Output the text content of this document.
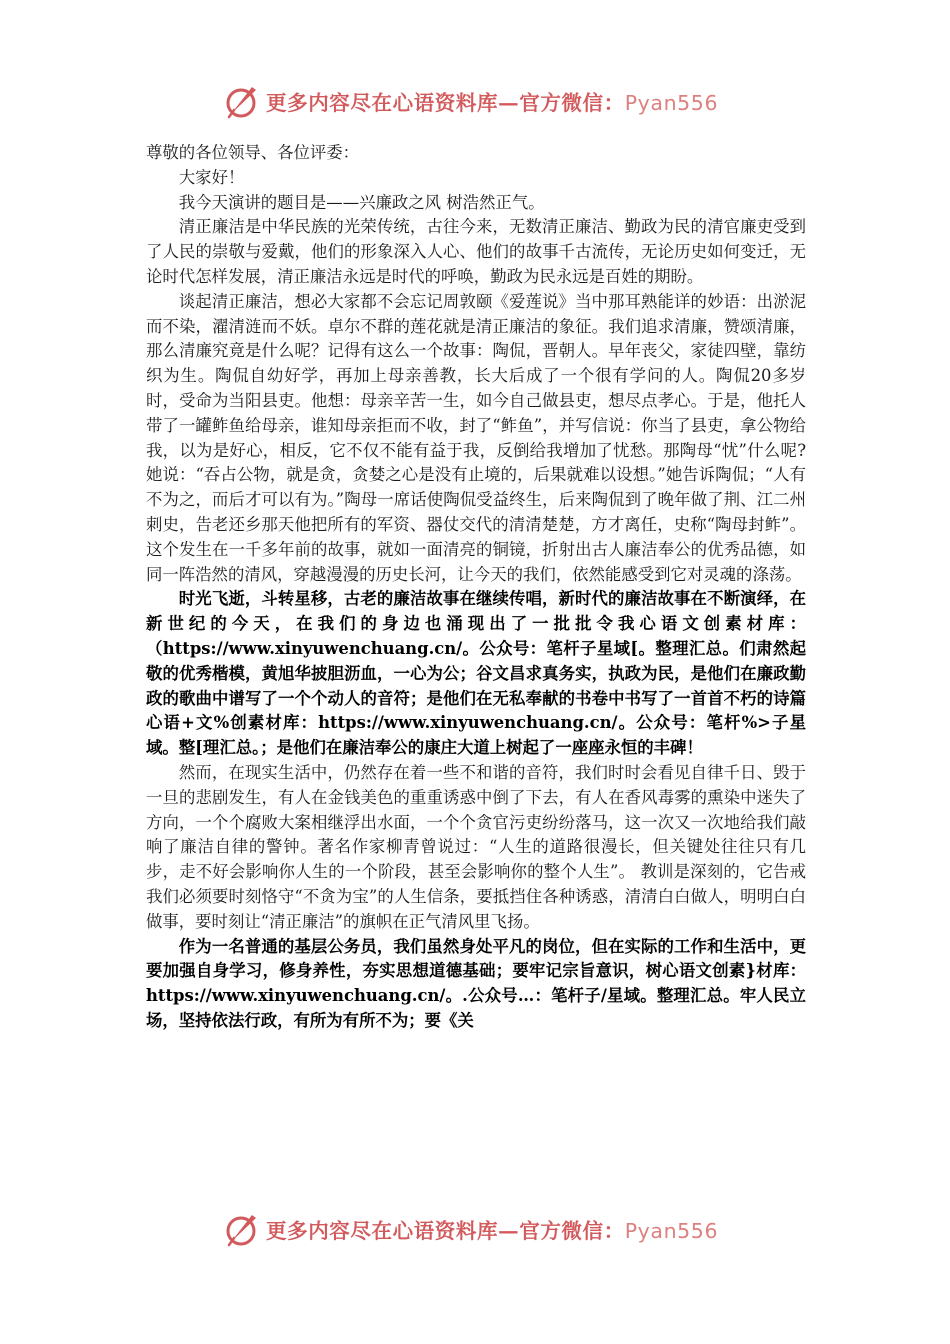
更多内容尽在心语资料库—官方微信：Pyan556

尊敬的各位领导、各位评委：

大家好！

我今天演讲的题目是——兴廉政之风 树浩然正气。

清正廉洁是中华民族的光荣传统，古往今来，无数清正廉洁、勤政为民的清官廉吏受到了人民的崇敬与爱戴，他们的形象深入人心、他们的故事千古流传，无论历史如何变迁，无论时代怎样发展，清正廉洁永远是时代的呼唤，勤政为民永远是百姓的期盼。

谈起清正廉洁，想必大家都不会忘记周敦颐《爱莲说》当中那耳熟能详的妙语：出淤泥而不染，濯清涟而不妖。卓尔不群的莲花就是清正廉洁的象征。我们追求清廉，赞颂清廉，那么清廉究竟是什么呢？记得有这么一个故事：陶侃，晋朝人。早年丧父，家徒四壁，靠纺织为生。陶侃自幼好学，再加上母亲善教，长大后成了一个很有学问的人。陶侃20多岁时，受命为当阳县吏。他想：母亲辛苦一生，如今自己做县吏，想尽点孝心。于是，他托人带了一罐鲊鱼给母亲，谁知母亲拒而不收，封了“鲊鱼”，并写信说：你当了县吏，拿公物给我，以为是好心，相反，它不仅不能有益于我，反倒给我增加了忧愁。那陶母“忧”什么呢?她说：“吞占公物，就是贪，贪婪之心是没有止境的，后果就难以设想。”她告诉陶侃；“人有不为之，而后才可以有为。”陶母一席话使陶侃受益终生，后来陶侃到了晚年做了荆、江二州刺史，告老还乡那天他把所有的军资、器仗交代的清清楚楚，方才离任，史称“陶母封鲊”。这个发生在一千多年前的故事，就如一面清亮的铜镜，折射出古人廉洁奉公的优秀品德，如同一阵浩然的清风，穿越漫漫的历史长河，让今天的我们，依然能感受到它对灵魂的涤荡。

时光飞逝，斗转星移，古老的廉洁故事在继续传唱，新时代的廉洁故事在不断演绎，在新世纪的今天，在我们的身边也涌现出了一批批令我心语文创素材库：（https://www.xinyuwenchuang.cn/。公众号：笔杆子星域[。整理汇总。们肃然起敬的优秀楷模，黄旭华披胆沥血，一心为公；谷文昌求真务实，执政为民，是他们在廉政勤政的歌曲中谱写了一个个动人的音符；是他们在无私奉献的书卷中书写了一首首不朽的诗篇心语+文%创素材库：https://www.xinyuwenchuang.cn/。公众号：笔杆%>子星域。整[理汇总。；是他们在廉洁奉公的康庄大道上树起了一座座永恒的丰碑！

然而，在现实生活中，仍然存在着一些不和谐的音符，我们时时会看见自律千日、毁于一旦的悲剧发生，有人在金钱美色的重重诱惑中倒了下去，有人在香风毒雾的熏染中迷失了方向，一个个腐败大案相继浮出水面，一个个贪官污吏纷纷落马，这一次又一次地给我们敲响了廉洁自律的警钟。著名作家柳青曾说过：“人生的道路很漫长，但关键处往往只有几步，走不好会影响你人生的一个阶段，甚至会影响你的整个人生”。 教训是深刻的，它告戒我们必须要时刻恪守“不贪为宝”的人生信条，要抵挡住各种诱惑，清清白白做人，明明白白做事，要时刻让“清正廉洁”的旗帜在正气清风里飞扬。

作为一名普通的基层公务员，我们虽然身处平凡的岗位，但在实际的工作和生活中，更要加强自身学习，修身养性，夯实思想道德基础；要牢记宗旨意识，树心语文创素}材库：https://www.xinyuwenchuang.cn/。.公众号…：笔杆子/星域。整理汇总。牢人民立场，坚持依法行政，有所为有所不为；要《关

更多内容尽在心语资料库—官方微信：Pyan556
